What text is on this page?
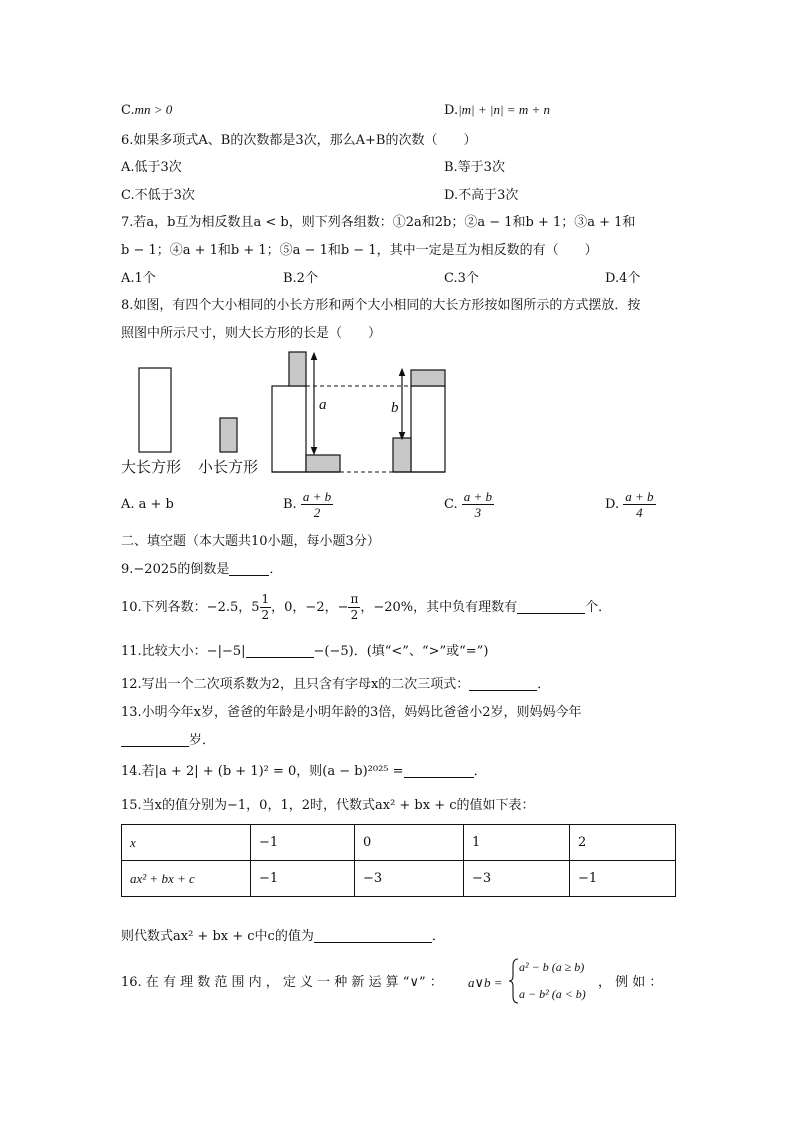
C.mn > 0	D.|m| + |n| = m + n
6.如果多项式A、B的次数都是3次，那么A+B的次数（　　）
A.低于3次	B.等于3次
C.不低于3次	D.不高于3次
7.若a，b互为相反数且a < b，则下列各组数：①2a和2b；②a − 1和b + 1；③a + 1和
b − 1；④a + 1和b + 1；⑤a − 1和b − 1，其中一定是互为相反数的有（　　）
A.1个	B.2个	C.3个	D.4个
8.如图，有四个大小相同的小长方形和两个大小相同的大长方形按如图所示的方式摆放．按
照图中所示尺寸，则大长方形的长是（　　）
a	b
大长方形 小长方形
A. a + b	B. $\frac{a + b}{2}$	C. $\frac{a + b}{3}$	D. $\frac{a + b}{4}$
二、填空题（本大题共10小题，每小题3分）
9.−2025的倒数是	．
10.下列各数：−2.5，$5 \frac{1}{2}$ ，0，−2，− $\frac{\pi}{2}$ ，−20%，其中负有理数有	个．
11.比较大小：−|−5|	−(−5)．(填“<”、“>”或“=”)
12.写出一个二次项系数为2，且只含有字母x的二次三项式：	．
13.小明今年x岁，爸爸的年龄是小明年龄的3倍，妈妈比爸爸小2岁，则妈妈今年
岁．
14.若|a + 2| + (b + 1)² = 0，则(a − b)²⁰²⁵ =	．
15.当x的值分别为−1，0，1，2时，代数式ax² + bx + c的值如下表：
x	−1	0	1	2
ax² + bx + c	−1	−3	−3	−1
则代数式ax² + bx + c中c的值为	．
16. 在 有 理 数 范 围 内 ， 定 义 一 种 新 运 算 “∨” ： a∨b =
a² − b (a ≥ b)
a − b² (a < b)
， 例 如 ：
